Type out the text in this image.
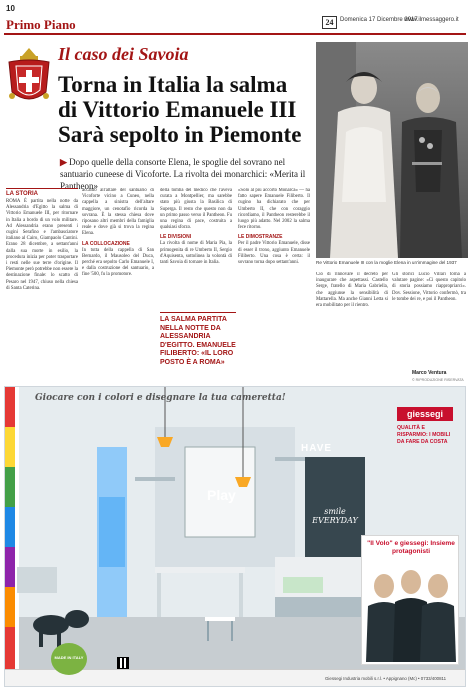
10
Primo Piano	24	Domenica 17 Dicembre 2017
www.ilmessaggero.it
Il caso dei Savoia
Torna in Italia la salma
di Vittorio Emanuele III
Sarà sepolto in Piemonte
Re Vittorio Emanuele III con la moglie Elena in un'immagine del 1937
▶ Dopo quelle della consorte Elena, le spoglie del sovrano nel santuario cuneese di Vicoforte. La rivolta dei monarchici: «Merita il Pantheon»
LA STORIA
ROMA È partita nella notte da Alessandria d'Egitto la salma di Vittorio Emanuele III, per ritornare in Italia a bordo di un volo militare. Ad Alessandria erano presenti i cugini Serafino e l'ambasciatore italiano al Cairo, Giampaolo Cantini. Erano 28 dicembre, a settant'anni dalla sua morte in esilio, la procedura inizia per poter trasportare i resti nelle sue terre d'origine. Il Piemonte però potrebbe non essere la destinazione finale: lo scatto di Pesaro nel 1947, chiuso nella chiesa di Santa Caterina.
accanto all'altare del santuario di Vicoforte vicino a Cuneo, nella cappella a sinistra dell'altare maggiore, un cenotafio ricorda la sovrana. È la stessa chiesa dove riposano altri membri della famiglia reale e dove già si trova la regina Elena.
LA COLLOCAZIONE
In tutta della cappella di San Bernardo, il Mausoleo del Duca, perché era sepolto Carlo Emanuele I, e dalla costruzione del santuario, a fine '500, fu la promotore.
della tomba del medico che l'aveva curata a Montpellier, ma sarebbe stato più giusta la Basilica di Superga. Il resto che questo non da un primo passo verso il Pantheon. Fu una regina di pace, costruita a qualsiasi sforzo.
LE DIVISIONI
La rivolta di nome di Maria Pia, la primogenita di re Umberto II, Sergio d'Aquisenta, sottolinea la volontà di tanti Savoia di tornare in Italia.
LA SALMA PARTITA NELLA NOTTE DA ALESSANDRIA D'EGITTO. EMANUELE FILIBERTO: «IL LORO POSTO È A ROMA»
«Solo al più accorto Monarca» — ha fatto sapere Emanuele Filiberto. Il cugino ha dichiarato che per Umberto II, che con coraggio ricordiamo, il Pantheon resterebbe il luogo più adatto. Nel 2002 la salma fece ritorno.
LE DIMOSTRANZE
Per il padre Vittorio Emanuele, disse di esser il trono, aggiunto Emanuele Filiberto. Una cosa è certa: il sovrano torna dopo settant'anni.
Ciò di rinnovare il decreto per inaugurare che aspettassi. Castello Serge, fratello di Maria Gabriella, che aggiunse la sensibilità di Mattarella. Ma anche Gianni Letta si era mobilitato per il rientro.
Gli storici Lucio Villari torna a valutare pagine: «Ci questo capitolo di storia possiamo riappropriarci». Dov. Sessione, Vittorio confermò, tra le tombe dei re, e poi il Pantheon.
Marco Ventura
© RIPRODUZIONE RISERVATA
Giocare con i colori e disegnare la tua cameretta!
HAVE
Play
smile EVERYDAY
giessegi
QUALITÀ E RISPARMIO: I MOBILI DA FARE DA COSTA
"Il Volo" e giessegi: Insieme protagonisti
Giessegi Industria mobili s.r.l. • Appignano (Mc) • 0733/400811
MADE IN ITALY
